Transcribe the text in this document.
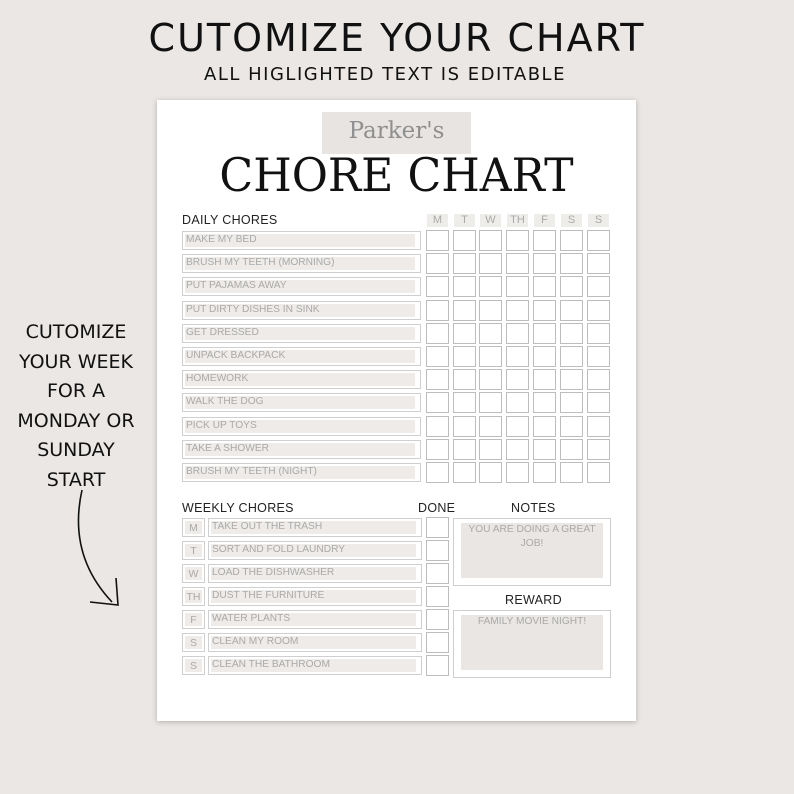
CUTOMIZE YOUR CHART
ALL HIGLIGHTED TEXT IS EDITABLE
CUTOMIZE
YOUR WEEK
FOR A
MONDAY OR
SUNDAY
START
Parker's
CHORE CHART
DAILY CHORES	M	T	W	TH	F	S	S
MAKE MY BED
BRUSH MY TEETH (MORNING)
PUT PAJAMAS AWAY
PUT DIRTY DISHES IN SINK
GET DRESSED
UNPACK BACKPACK
HOMEWORK
WALK THE DOG
PICK UP TOYS
TAKE A SHOWER
BRUSH MY TEETH (NIGHT)
WEEKLY CHORES	DONE	NOTES
M	TAKE OUT THE TRASH
T	SORT AND FOLD LAUNDRY
W	LOAD THE DISHWASHER
TH	DUST THE FURNITURE
F	WATER PLANTS
S	CLEAN MY ROOM
S	CLEAN THE BATHROOM
YOU ARE DOING A GREAT JOB!
REWARD
FAMILY MOVIE NIGHT!
